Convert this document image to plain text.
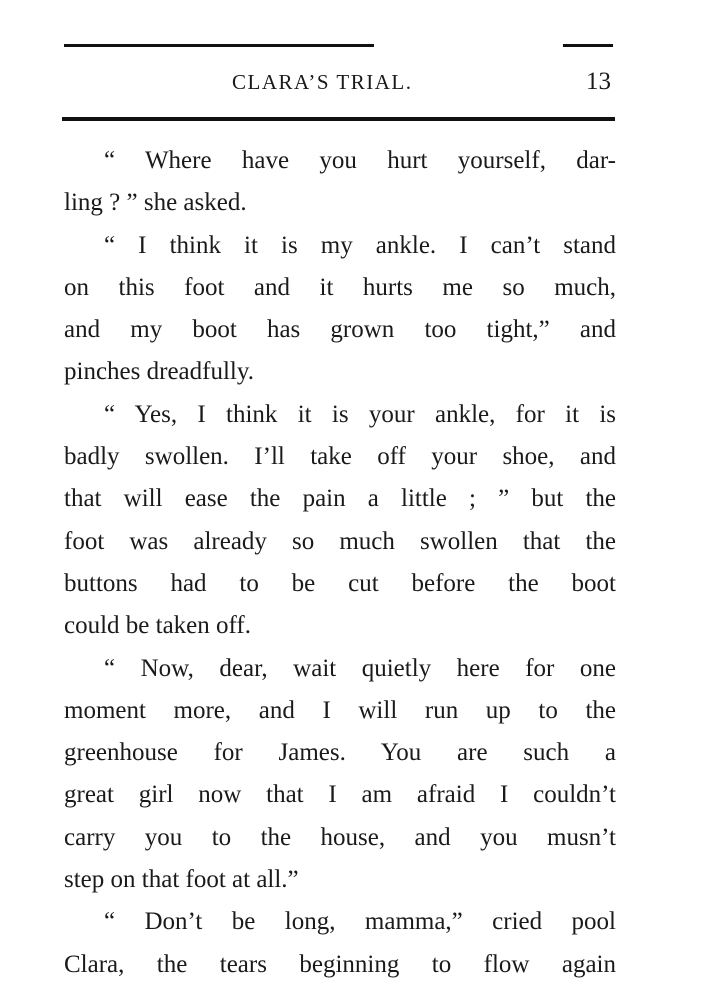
CLARA’S TRIAL.	13
“ Where have you hurt yourself, dar-
ling ? ” she asked.
“ I think it is my ankle. I can’t stand
on this foot and it hurts me so much,
and my boot has grown too tight,” and
pinches dreadfully.
“ Yes, I think it is your ankle, for it is
badly swollen. I’ll take off your shoe, and
that will ease the pain a little ; ” but the
foot was already so much swollen that the
buttons had to be cut before the boot
could be taken off.
“ Now, dear, wait quietly here for one
moment more, and I will run up to the
greenhouse for James. You are such a
great girl now that I am afraid I couldn’t
carry you to the house, and you musn’t
step on that foot at all.”
“ Don’t be long, mamma,” cried pool
Clara, the tears beginning to flow again
